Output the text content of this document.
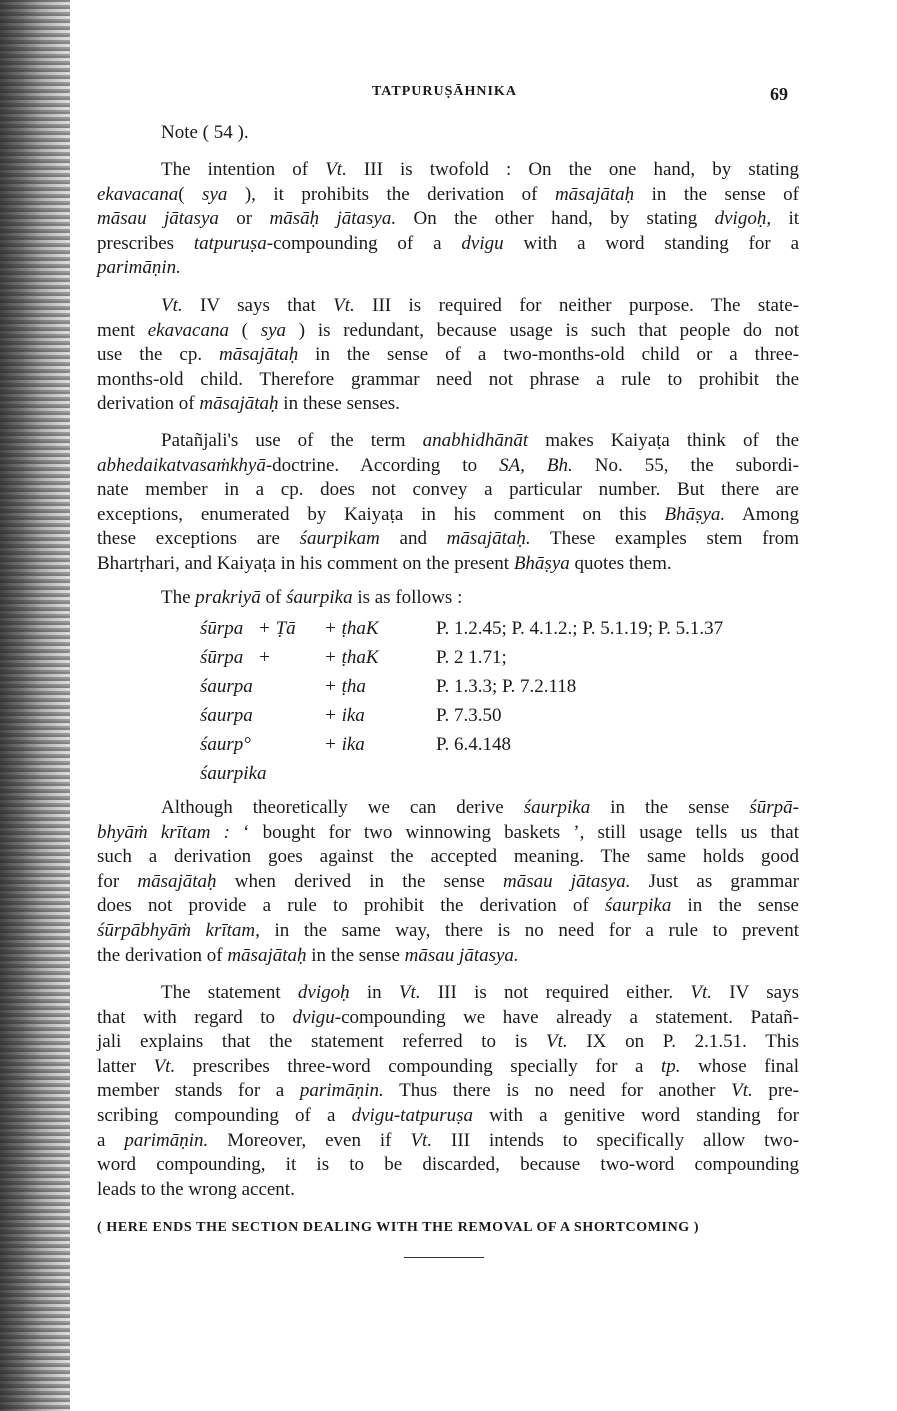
TATPURUṢĀHNIKA	69
Note ( 54 ).
The intention of Vt. III is twofold : On the one hand, by stating
ekavacana( sya ), it prohibits the derivation of māsajātaḥ in the sense of
māsau jātasya or māsāḥ jātasya. On the other hand, by stating dvigoḥ, it
prescribes tatpuruṣa-compounding of a dvigu with a word standing for a
parimāṇin.
Vt. IV says that Vt. III is required for neither purpose. The state-
ment ekavacana ( sya ) is redundant, because usage is such that people do not
use the cp. māsajātaḥ in the sense of a two-months-old child or a three-
months-old child. Therefore grammar need not phrase a rule to prohibit the
derivation of māsajātaḥ in these senses.
Patañjali's use of the term anabhidhānāt makes Kaiyaṭa think of the
abhedaikatvasaṁkhyā-doctrine. According to SA, Bh. No. 55, the subordi-
nate member in a cp. does not convey a particular number. But there are
exceptions, enumerated by Kaiyaṭa in his comment on this Bhāṣya. Among
these exceptions are śaurpikam and māsajātaḥ. These examples stem from
Bhartṛhari, and Kaiyaṭa in his comment on the present Bhāṣya quotes them.
The prakriyā of śaurpika is as follows :
śūrpa + Ṭā + ṭhaK	P. 1.2.45; P. 4.1.2.; P. 5.1.19; P. 5.1.37
śūrpa +	+ ṭhaK	P. 2 1.71;
śaurpa	+ ṭha	P. 1.3.3; P. 7.2.118
śaurpa	+ ika	P. 7.3.50
śaurp°	+ ika	P. 6.4.148
śaurpika
Although theoretically we can derive śaurpika in the sense śūrpā-
bhyāṁ krītam : ‘ bought for two winnowing baskets ’, still usage tells us that
such a derivation goes against the accepted meaning. The same holds good
for māsajātaḥ when derived in the sense māsau jātasya. Just as grammar
does not provide a rule to prohibit the derivation of śaurpika in the sense
śūrpābhyāṁ krītam, in the same way, there is no need for a rule to prevent
the derivation of māsajātaḥ in the sense māsau jātasya.
The statement dvigoḥ in Vt. III is not required either. Vt. IV says
that with regard to dvigu-compounding we have already a statement. Patañ-
jali explains that the statement referred to is Vt. IX on P. 2.1.51. This
latter Vt. prescribes three-word compounding specially for a tp. whose final
member stands for a parimāṇin. Thus there is no need for another Vt. pre-
scribing compounding of a dvigu-tatpuruṣa with a genitive word standing for
a parimāṇin. Moreover, even if Vt. III intends to specifically allow two-
word compounding, it is to be discarded, because two-word compounding
leads to the wrong accent.
( HERE ENDS THE SECTION DEALING WITH THE REMOVAL OF A SHORTCOMING )
